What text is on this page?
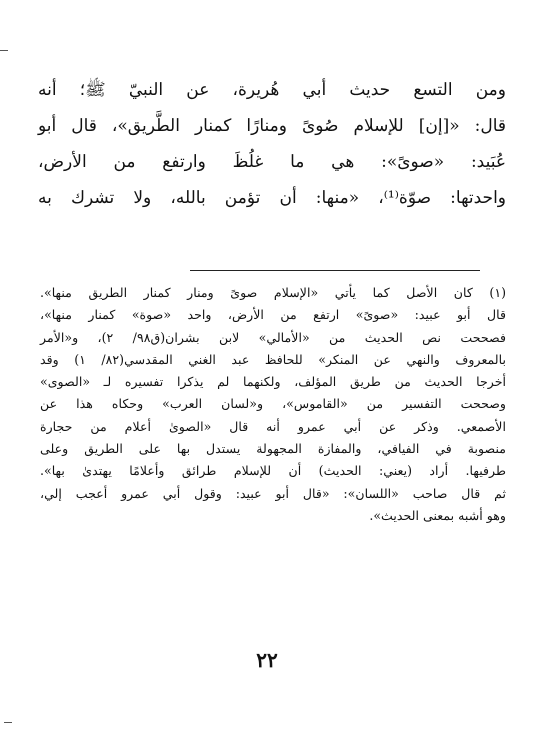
ومن التسع حديث أبي هُريرة، عن النبيّ ﷺ؛ أنه
قال: «[إن] للإسلام صُوىً ومنارًا كمنار الطَّريق»، قال أبو
عُبَيد: «صوىً»: هي ما غلُظَ وارتفع من الأرض،
واحدتها: صوّة⁽¹⁾، «منها: أن تؤمن بالله، ولا تشرك به
(١) كان الأصل كما يأتي «الإسلام صوىً ومنار كمنار الطريق منها».
قال أبو عبيد: «صوىً» ارتفع من الأرض، واحد «صوة» كمنار منها»،
فصححت نص الحديث من «الأمالي» لابن بشران(ق٩٨/ ٢)، و«الأمر
بالمعروف والنهي عن المنكر» للحافظ عبد الغني المقدسي(٨٢/ ١) وقد
أخرجا الحديث من طريق المؤلف، ولكنهما لم يذكرا تفسيره لـ «الصوى»
وصححت التفسير من «القاموس»، و«لسان العرب» وحكاه هذا عن
الأصمعي. وذكر عن أبي عمرو أنه قال «الصوىٰ أعلام من حجارة
منصوبة في الفيافي، والمفازة المجهولة يستدل بها على الطريق وعلى
طرفيها. أراد (يعني: الحديث) أن للإسلام طرائق وأعلامًا يهتدىٰ بها».
ثم قال صاحب «اللسان»: «قال أبو عبيد: وقول أبي عمرو أعجب إلي،
وهو أشبه بمعنى الحديث».
٢٢
